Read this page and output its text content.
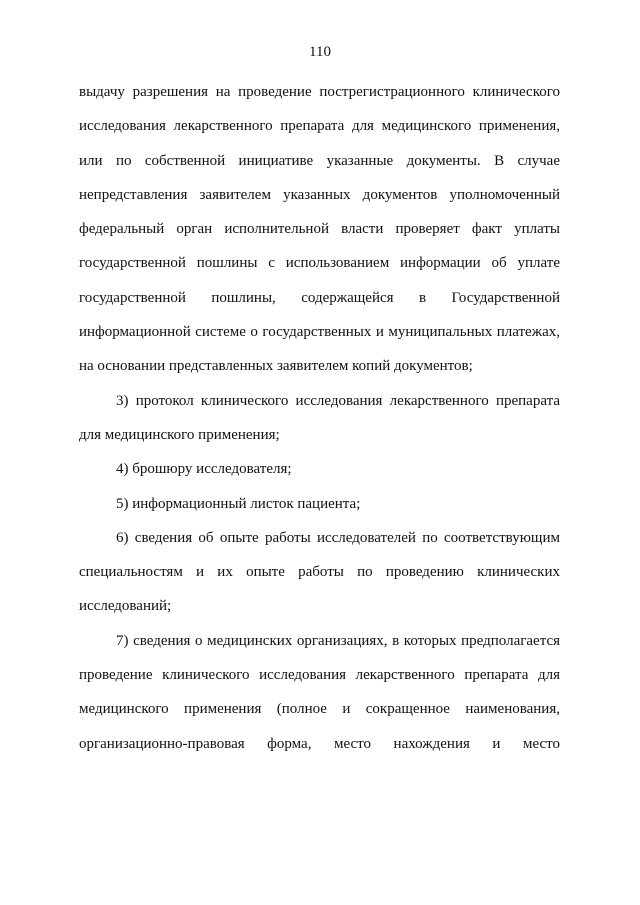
110

выдачу разрешения на проведение пострегистрационного клинического исследования лекарственного препарата для медицинского применения, или по собственной инициативе указанные документы. В случае непредставления заявителем указанных документов уполномоченный федеральный орган исполнительной власти проверяет факт уплаты государственной пошлины с использованием информации об уплате государственной пошлины, содержащейся в Государственной информационной системе о государственных и муниципальных платежах, на основании представленных заявителем копий документов;

3) протокол клинического исследования лекарственного препарата для медицинского применения;

4) брошюру исследователя;

5) информационный листок пациента;

6) сведения об опыте работы исследователей по соответствующим специальностям и их опыте работы по проведению клинических исследований;

7) сведения о медицинских организациях, в которых предполагается проведение клинического исследования лекарственного препарата для медицинского применения (полное и сокращенное наименования, организационно-правовая форма, место нахождения и место
